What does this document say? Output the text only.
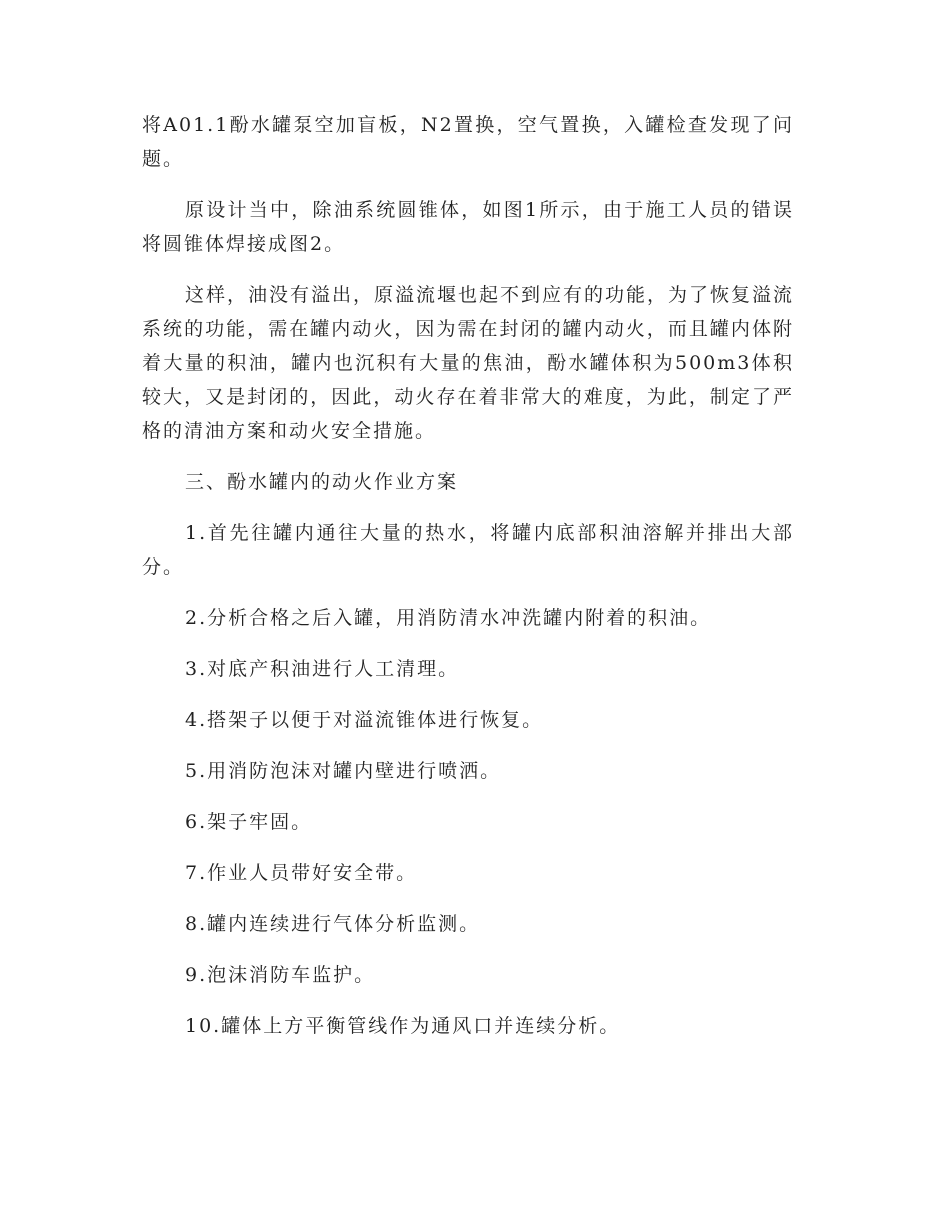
将A01.1酚水罐泵空加盲板，N2置换，空气置换，入罐检查发现了问题。

原设计当中，除油系统圆锥体，如图1所示，由于施工人员的错误将圆锥体焊接成图2。

这样，油没有溢出，原溢流堰也起不到应有的功能，为了恢复溢流系统的功能，需在罐内动火，因为需在封闭的罐内动火，而且罐内体附着大量的积油，罐内也沉积有大量的焦油，酚水罐体积为500m3体积较大，又是封闭的，因此，动火存在着非常大的难度，为此，制定了严格的清油方案和动火安全措施。

三、酚水罐内的动火作业方案

1.首先往罐内通往大量的热水，将罐内底部积油溶解并排出大部分。

2.分析合格之后入罐，用消防清水冲洗罐内附着的积油。

3.对底产积油进行人工清理。

4.搭架子以便于对溢流锥体进行恢复。

5.用消防泡沫对罐内壁进行喷洒。

6.架子牢固。

7.作业人员带好安全带。

8.罐内连续进行气体分析监测。

9.泡沫消防车监护。

10.罐体上方平衡管线作为通风口并连续分析。
